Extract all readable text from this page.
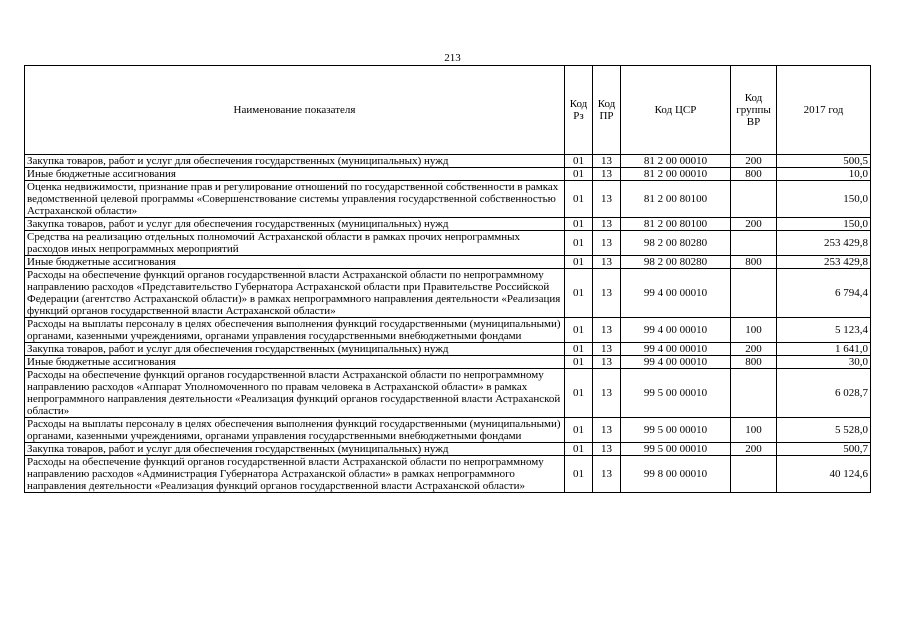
213
Наименование показателя	Код Рз	Код ПР	Код ЦСР	Код группы ВР	2017 год
Закупка товаров, работ и услуг для обеспечения государственных (муниципальных) нужд	01	13	81 2 00 00010	200	500,5
Иные бюджетные ассигнования	01	13	81 2 00 00010	800	10,0
Оценка недвижимости, признание прав и регулирование отношений по государственной собственности в рамках ведомственной целевой программы «Совершенствование системы управления государственной собственностью Астраханской области»	01	13	81 2 00 80100		150,0
Закупка товаров, работ и услуг для обеспечения государственных (муниципальных) нужд	01	13	81 2 00 80100	200	150,0
Средства на реализацию отдельных полномочий Астраханской области в рамках прочих непрограммных расходов иных непрограммных мероприятий	01	13	98 2 00 80280		253 429,8
Иные бюджетные ассигнования	01	13	98 2 00 80280	800	253 429,8
Расходы на обеспечение функций органов государственной власти Астраханской области по непрограммному направлению расходов «Представительство Губернатора Астраханской области при Правительстве Российской Федерации (агентство Астраханской области)» в рамках непрограммного направления деятельности «Реализация функций органов государственной власти Астраханской области»	01	13	99 4 00 00010		6 794,4
Расходы на выплаты персоналу в целях обеспечения выполнения функций государственными (муниципальными) органами, казенными учреждениями, органами управления государственными внебюджетными фондами	01	13	99 4 00 00010	100	5 123,4
Закупка товаров, работ и услуг для обеспечения государственных (муниципальных) нужд	01	13	99 4 00 00010	200	1 641,0
Иные бюджетные ассигнования	01	13	99 4 00 00010	800	30,0
Расходы на обеспечение функций органов государственной власти Астраханской области по непрограммному направлению расходов «Аппарат Уполномоченного по правам человека в Астраханской области» в рамках непрограммного направления деятельности «Реализация функций органов государственной власти Астраханской области»	01	13	99 5 00 00010		6 028,7
Расходы на выплаты персоналу в целях обеспечения выполнения функций государственными (муниципальными) органами, казенными учреждениями, органами управления государственными внебюджетными фондами	01	13	99 5 00 00010	100	5 528,0
Закупка товаров, работ и услуг для обеспечения государственных (муниципальных) нужд	01	13	99 5 00 00010	200	500,7
Расходы на обеспечение функций органов государственной власти Астраханской области по непрограммному направлению расходов «Администрация Губернатора Астраханской области» в рамках непрограммного направления деятельности «Реализация функций органов государственной власти Астраханской области»	01	13	99 8 00 00010		40 124,6
